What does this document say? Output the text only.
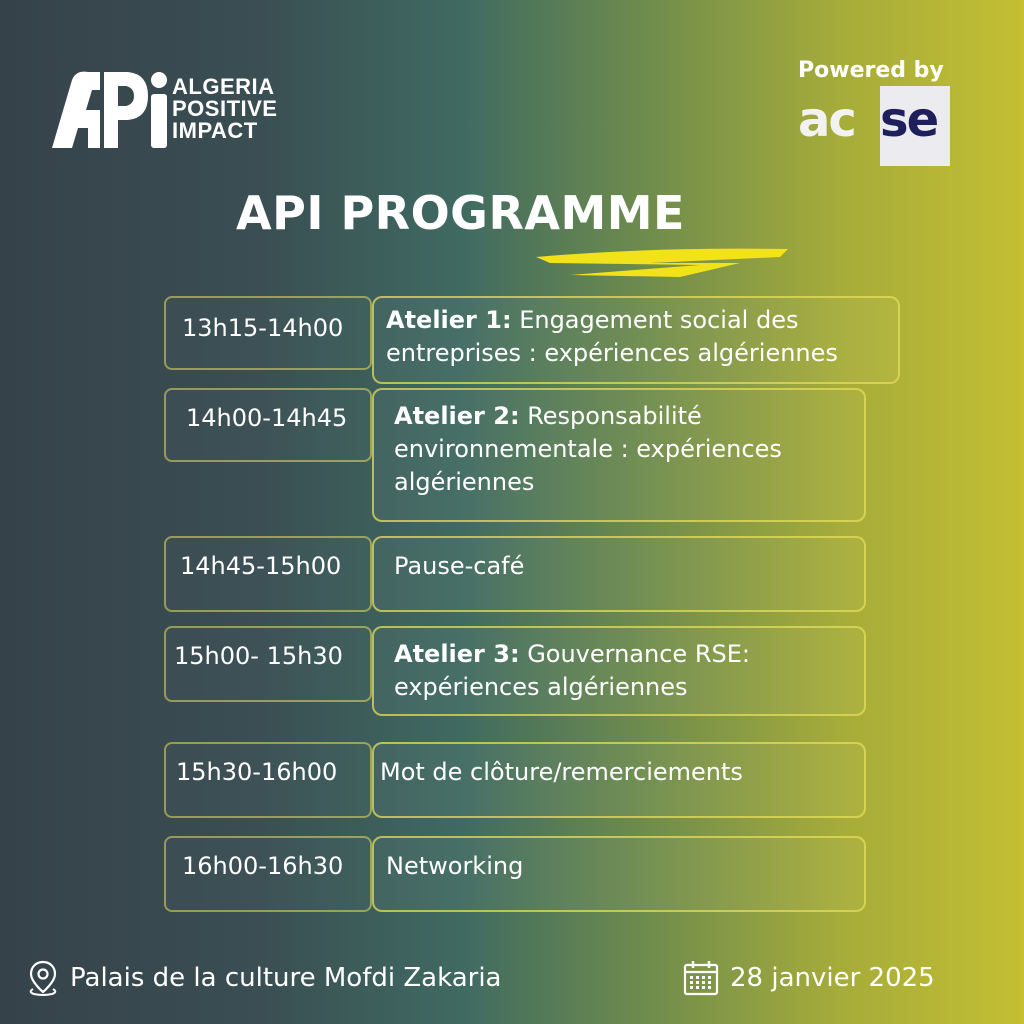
ALGERIA
POSITIVE
IMPACT
Powered by
ac se
API PROGRAMME
13h15-14h00 Atelier 1: Engagement social des entreprises : expériences algériennes
14h00-14h45 Atelier 2: Responsabilité environnementale : expériences algériennes
14h45-15h00 Pause-café
15h00- 15h30 Atelier 3: Gouvernance RSE: expériences algériennes
15h30-16h00 Mot de clôture/remerciements
16h00-16h30 Networking
Palais de la culture Mofdi Zakaria	28 janvier 2025
